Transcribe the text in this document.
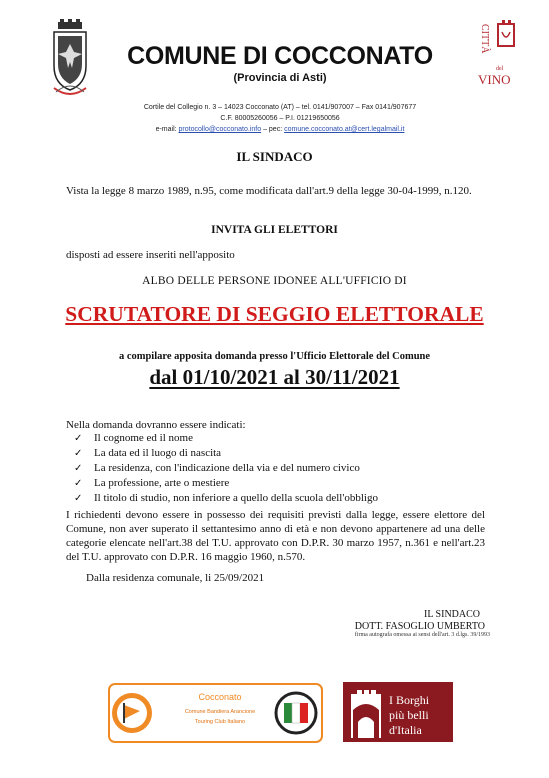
COMUNE DI COCCONATO
(Provincia di Asti)
CITTÀ
del
VINO
Cortile del Collegio n. 3 – 14023 Cocconato (AT) – tel. 0141/907007 – Fax 0141/907677
C.F. 80005260056 – P.I. 01219650056
e-mail: protocollo@cocconato.info – pec: comune.cocconato.at@cert.legalmail.it
IL SINDACO
Vista la legge 8 marzo 1989, n.95, come modificata dall'art.9 della legge 30-04-1999, n.120.
INVITA GLI ELETTORI
disposti ad essere inseriti nell'apposito
ALBO DELLE PERSONE IDONEE ALL'UFFICIO DI
SCRUTATORE DI SEGGIO ELETTORALE
a compilare apposita domanda presso l'Ufficio Elettorale del Comune
dal 01/10/2021 al 30/11/2021
Nella domanda dovranno essere indicati:
✓	Il cognome ed il nome
✓	La data ed il luogo di nascita
✓	La residenza, con l'indicazione della via e del numero civico
✓	La professione, arte o mestiere
✓	Il titolo di studio, non inferiore a quello della scuola dell'obbligo
I richiedenti devono essere in possesso dei requisiti previsti dalla legge, essere elettore del Comune, non aver superato il settantesimo anno di età e non devono appartenere ad una delle categorie elencate nell'art.38 del T.U. approvato con D.P.R. 30 marzo 1957, n.361 e nell'art.23 del T.U. approvato con D.P.R. 16 maggio 1960, n.570.
Dalla residenza comunale, li 25/09/2021
IL SINDACO
DOTT. FASOGLIO UMBERTO
firma autografa omessa ai sensi dell'art. 3 d.lgs. 39/1993
Cocconato
Comune Bandiera Arancione
Touring Club Italiano
I Borghi
più belli
d'Italia
